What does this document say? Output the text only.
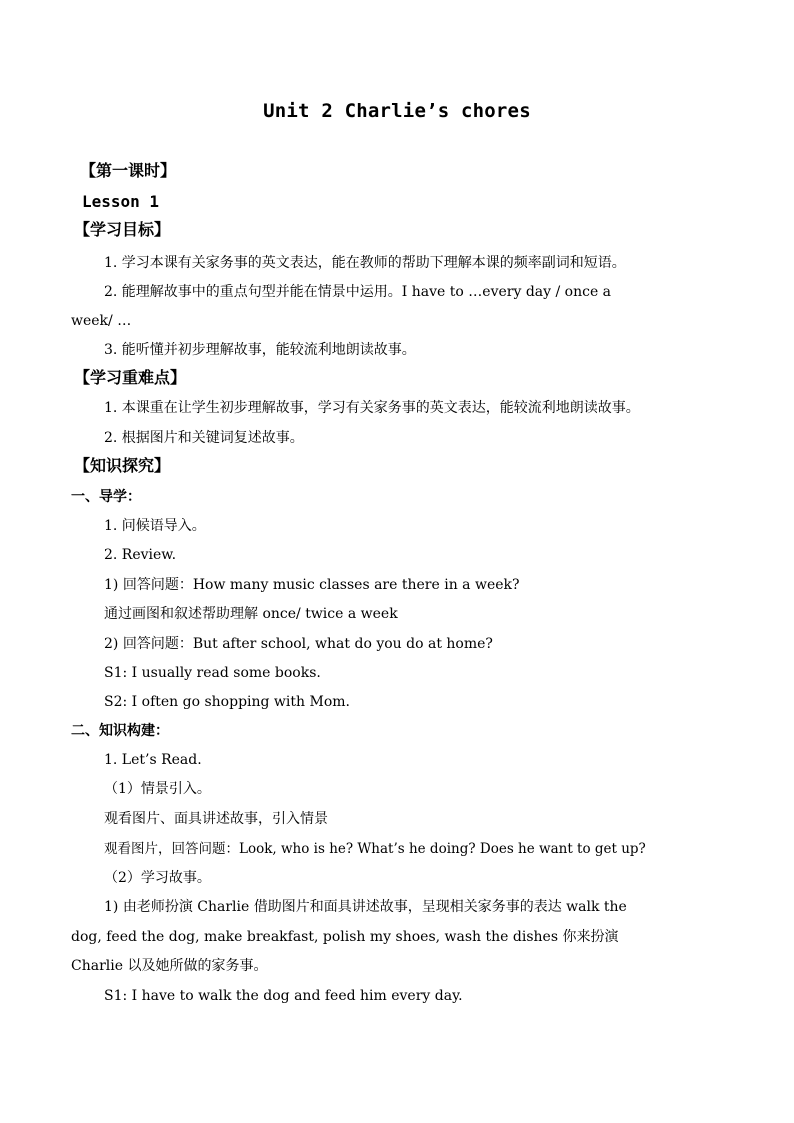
Unit 2 Charlie’s chores
【第一课时】
Lesson 1
【学习目标】
1. 学习本课有关家务事的英文表达，能在教师的帮助下理解本课的频率副词和短语。
2. 能理解故事中的重点句型并能在情景中运用。I have to …every day / once a
week/ …
3. 能听懂并初步理解故事，能较流利地朗读故事。
【学习重难点】
1. 本课重在让学生初步理解故事，学习有关家务事的英文表达，能较流利地朗读故事。
2. 根据图片和关键词复述故事。
【知识探究】
一、导学：
1. 问候语导入。
2. Review.
1) 回答问题：How many music classes are there in a week?
通过画图和叙述帮助理解 once/ twice a week
2) 回答问题：But after school, what do you do at home?
S1: I usually read some books.
S2: I often go shopping with Mom.
二、知识构建：
1. Let’s Read.
（1）情景引入。
观看图片、面具讲述故事，引入情景
观看图片，回答问题：Look, who is he? What’s he doing? Does he want to get up?
（2）学习故事。
1) 由老师扮演 Charlie 借助图片和面具讲述故事，呈现相关家务事的表达 walk the
dog, feed the dog, make breakfast, polish my shoes, wash the dishes 你来扮演
Charlie 以及她所做的家务事。
S1: I have to walk the dog and feed him every day.
